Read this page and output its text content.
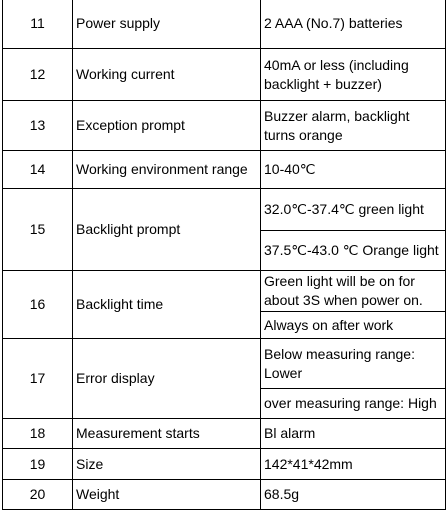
11	Power supply	2 AAA (No.7) batteries
12	Working current	40mA or less (including backlight + buzzer)
13	Exception prompt	Buzzer alarm, backlight turns orange
14	Working environment range	10-40℃
15	Backlight prompt	32.0℃-37.4℃ green light
		37.5℃-43.0 ℃ Orange light
16	Backlight time	Green light will be on for about 3S when power on.
		Always on after work
17	Error display	Below measuring range: Lower
		over measuring range: High
18	Measurement starts	Bl alarm
19	Size	142*41*42mm
20	Weight	68.5g
